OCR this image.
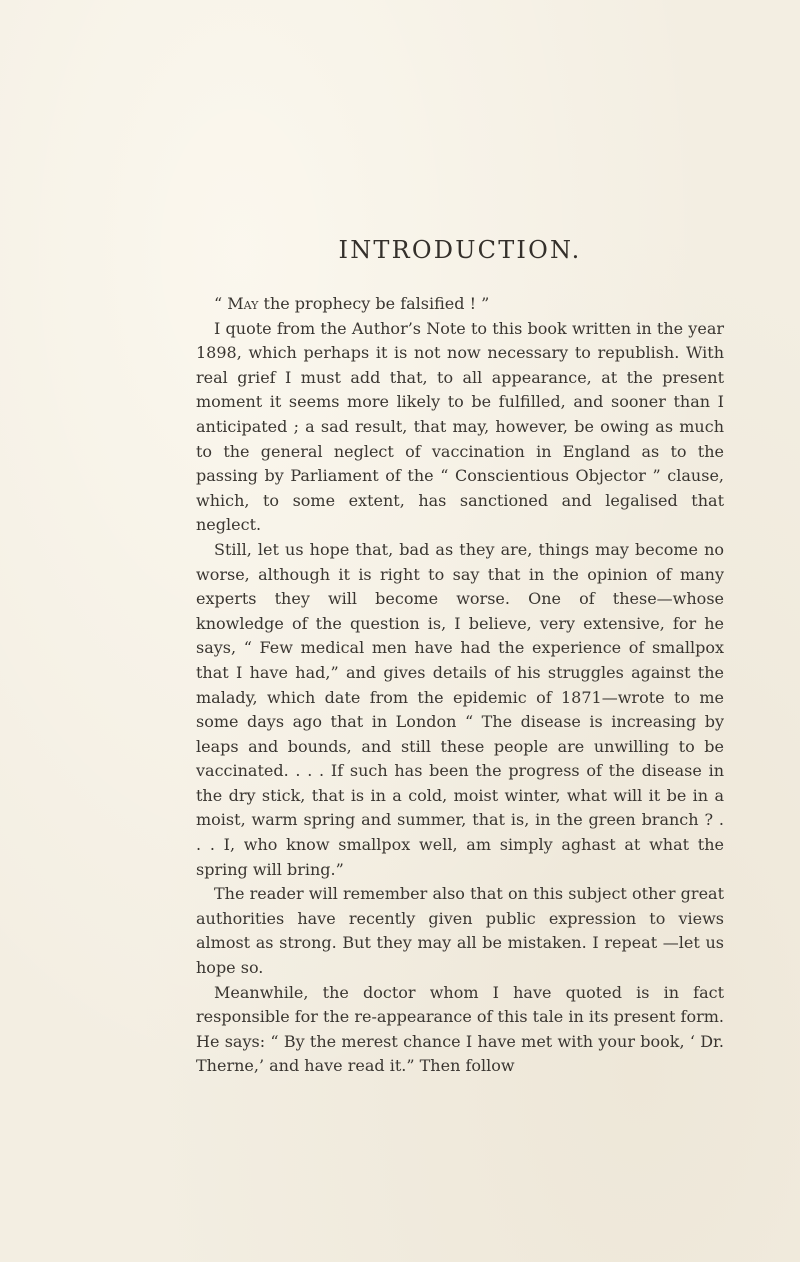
INTRODUCTION.

“ May the prophecy be falsified ! ”

I quote from the Author’s Note to this book written in the year 1898, which perhaps it is not now necessary to republish. With real grief I must add that, to all appearance, at the present moment it seems more likely to be fulfilled, and sooner than I anticipated ; a sad result, that may, however, be owing as much to the general neglect of vaccination in England as to the passing by Parliament of the “ Conscientious Objector ” clause, which, to some extent, has sanctioned and legalised that neglect.

Still, let us hope that, bad as they are, things may become no worse, although it is right to say that in the opinion of many experts they will become worse. One of these—whose knowledge of the question is, I believe, very extensive, for he says, “ Few medical men have had the experience of smallpox that I have had,” and gives details of his struggles against the malady, which date from the epidemic of 1871—wrote to me some days ago that in London “ The disease is increasing by leaps and bounds, and still these people are unwilling to be vaccinated. . . . If such has been the progress of the disease in the dry stick, that is in a cold, moist winter, what will it be in a moist, warm spring and summer, that is, in the green branch ? . . . I, who know smallpox well, am simply aghast at what the spring will bring.”

The reader will remember also that on this subject other great authorities have recently given public expression to views almost as strong. But they may all be mistaken. I repeat —let us hope so.

Meanwhile, the doctor whom I have quoted is in fact responsible for the re-appearance of this tale in its present form. He says: “ By the merest chance I have met with your book, ‘ Dr. Therne,’ and have read it.” Then follow
